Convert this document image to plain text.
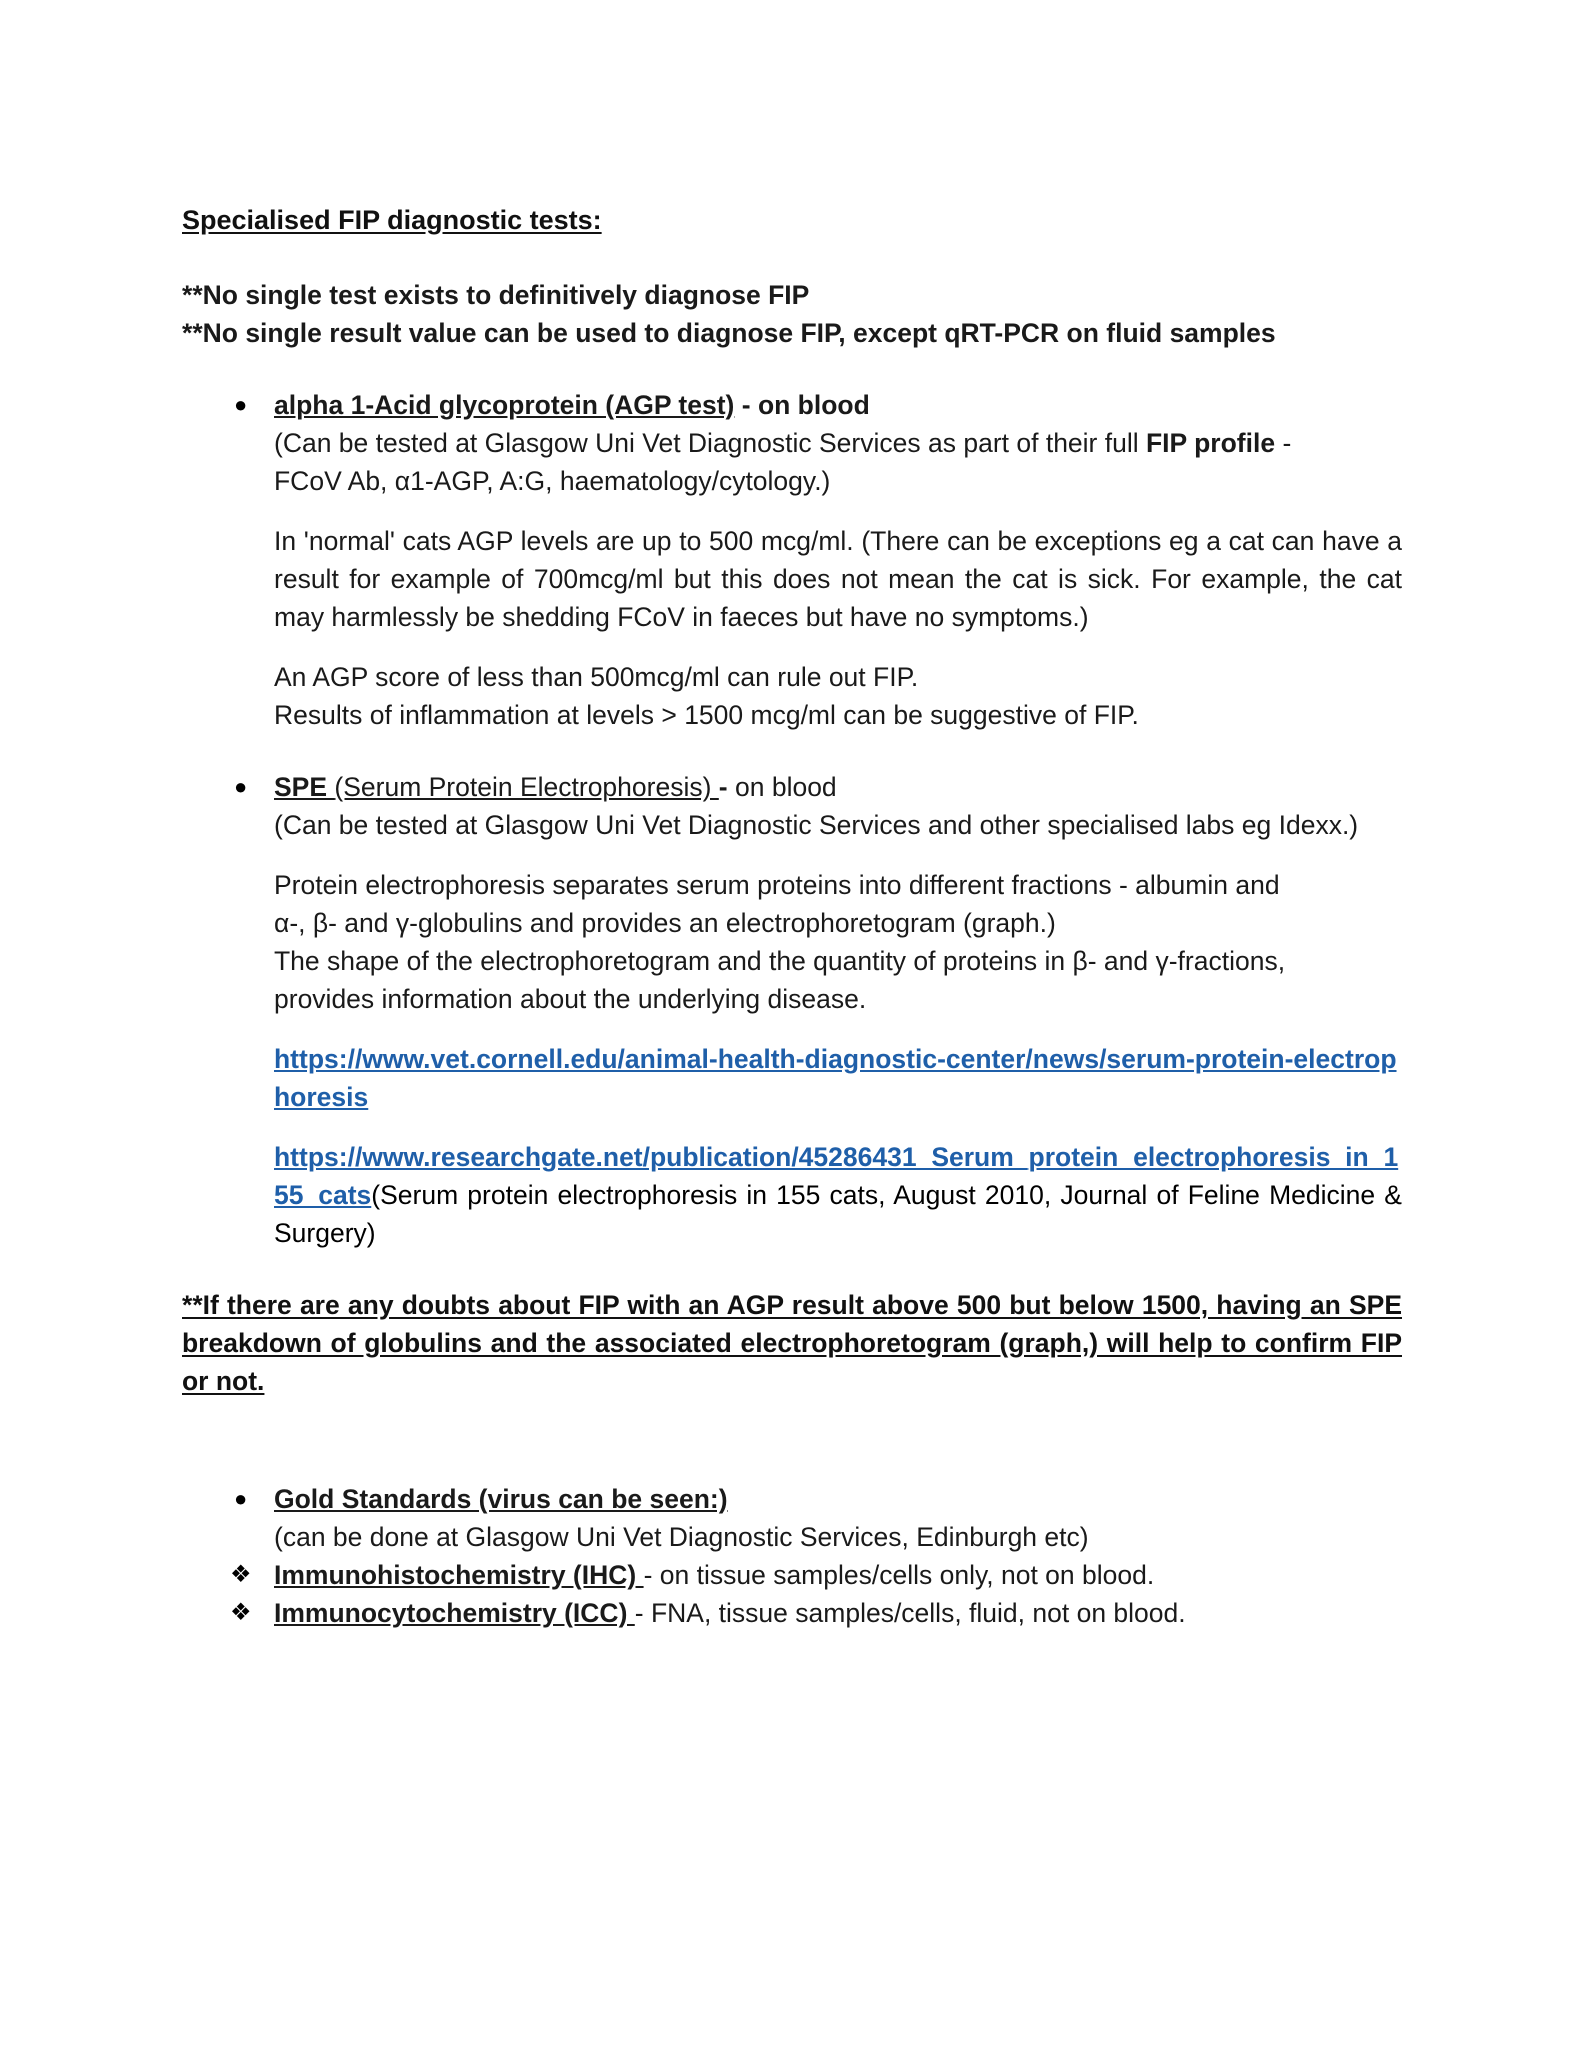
Specialised FIP diagnostic tests:
**No single test exists to definitively diagnose FIP
**No single result value can be used to diagnose FIP, except qRT-PCR on fluid samples
●	alpha 1-Acid glycoprotein (AGP test) - on blood
(Can be tested at Glasgow Uni Vet Diagnostic Services as part of their full FIP profile -
FCoV Ab, α1-AGP, A:G, haematology/cytology.)
In 'normal' cats AGP levels are up to 500 mcg/ml. (There can be exceptions eg a cat can have a result for example of 700mcg/ml but this does not mean the cat is sick. For example, the cat may harmlessly be shedding FCoV in faeces but have no symptoms.)
An AGP score of less than 500mcg/ml can rule out FIP.
Results of inflammation at levels > 1500 mcg/ml can be suggestive of FIP.
●	SPE (Serum Protein Electrophoresis) - on blood
(Can be tested at Glasgow Uni Vet Diagnostic Services and other specialised labs eg Idexx.)
Protein electrophoresis separates serum proteins into different fractions - albumin and
α-, β- and γ-globulins and provides an electrophoretogram (graph.)
The shape of the electrophoretogram and the quantity of proteins in β- and γ-fractions,
provides information about the underlying disease.
https://www.vet.cornell.edu/animal-health-diagnostic-center/news/serum-protein-electrophoresis
https://www.researchgate.net/publication/45286431_Serum_protein_electrophoresis_in_155_cats(Serum protein electrophoresis in 155 cats, August 2010, Journal of Feline Medicine & Surgery)
**If there are any doubts about FIP with an AGP result above 500 but below 1500, having an SPE breakdown of globulins and the associated electrophoretogram (graph,) will help to confirm FIP or not.
●	Gold Standards (virus can be seen:)
(can be done at Glasgow Uni Vet Diagnostic Services, Edinburgh etc)
❖ Immunohistochemistry (IHC) - on tissue samples/cells only, not on blood.
❖ Immunocytochemistry (ICC) - FNA, tissue samples/cells, fluid, not on blood.
